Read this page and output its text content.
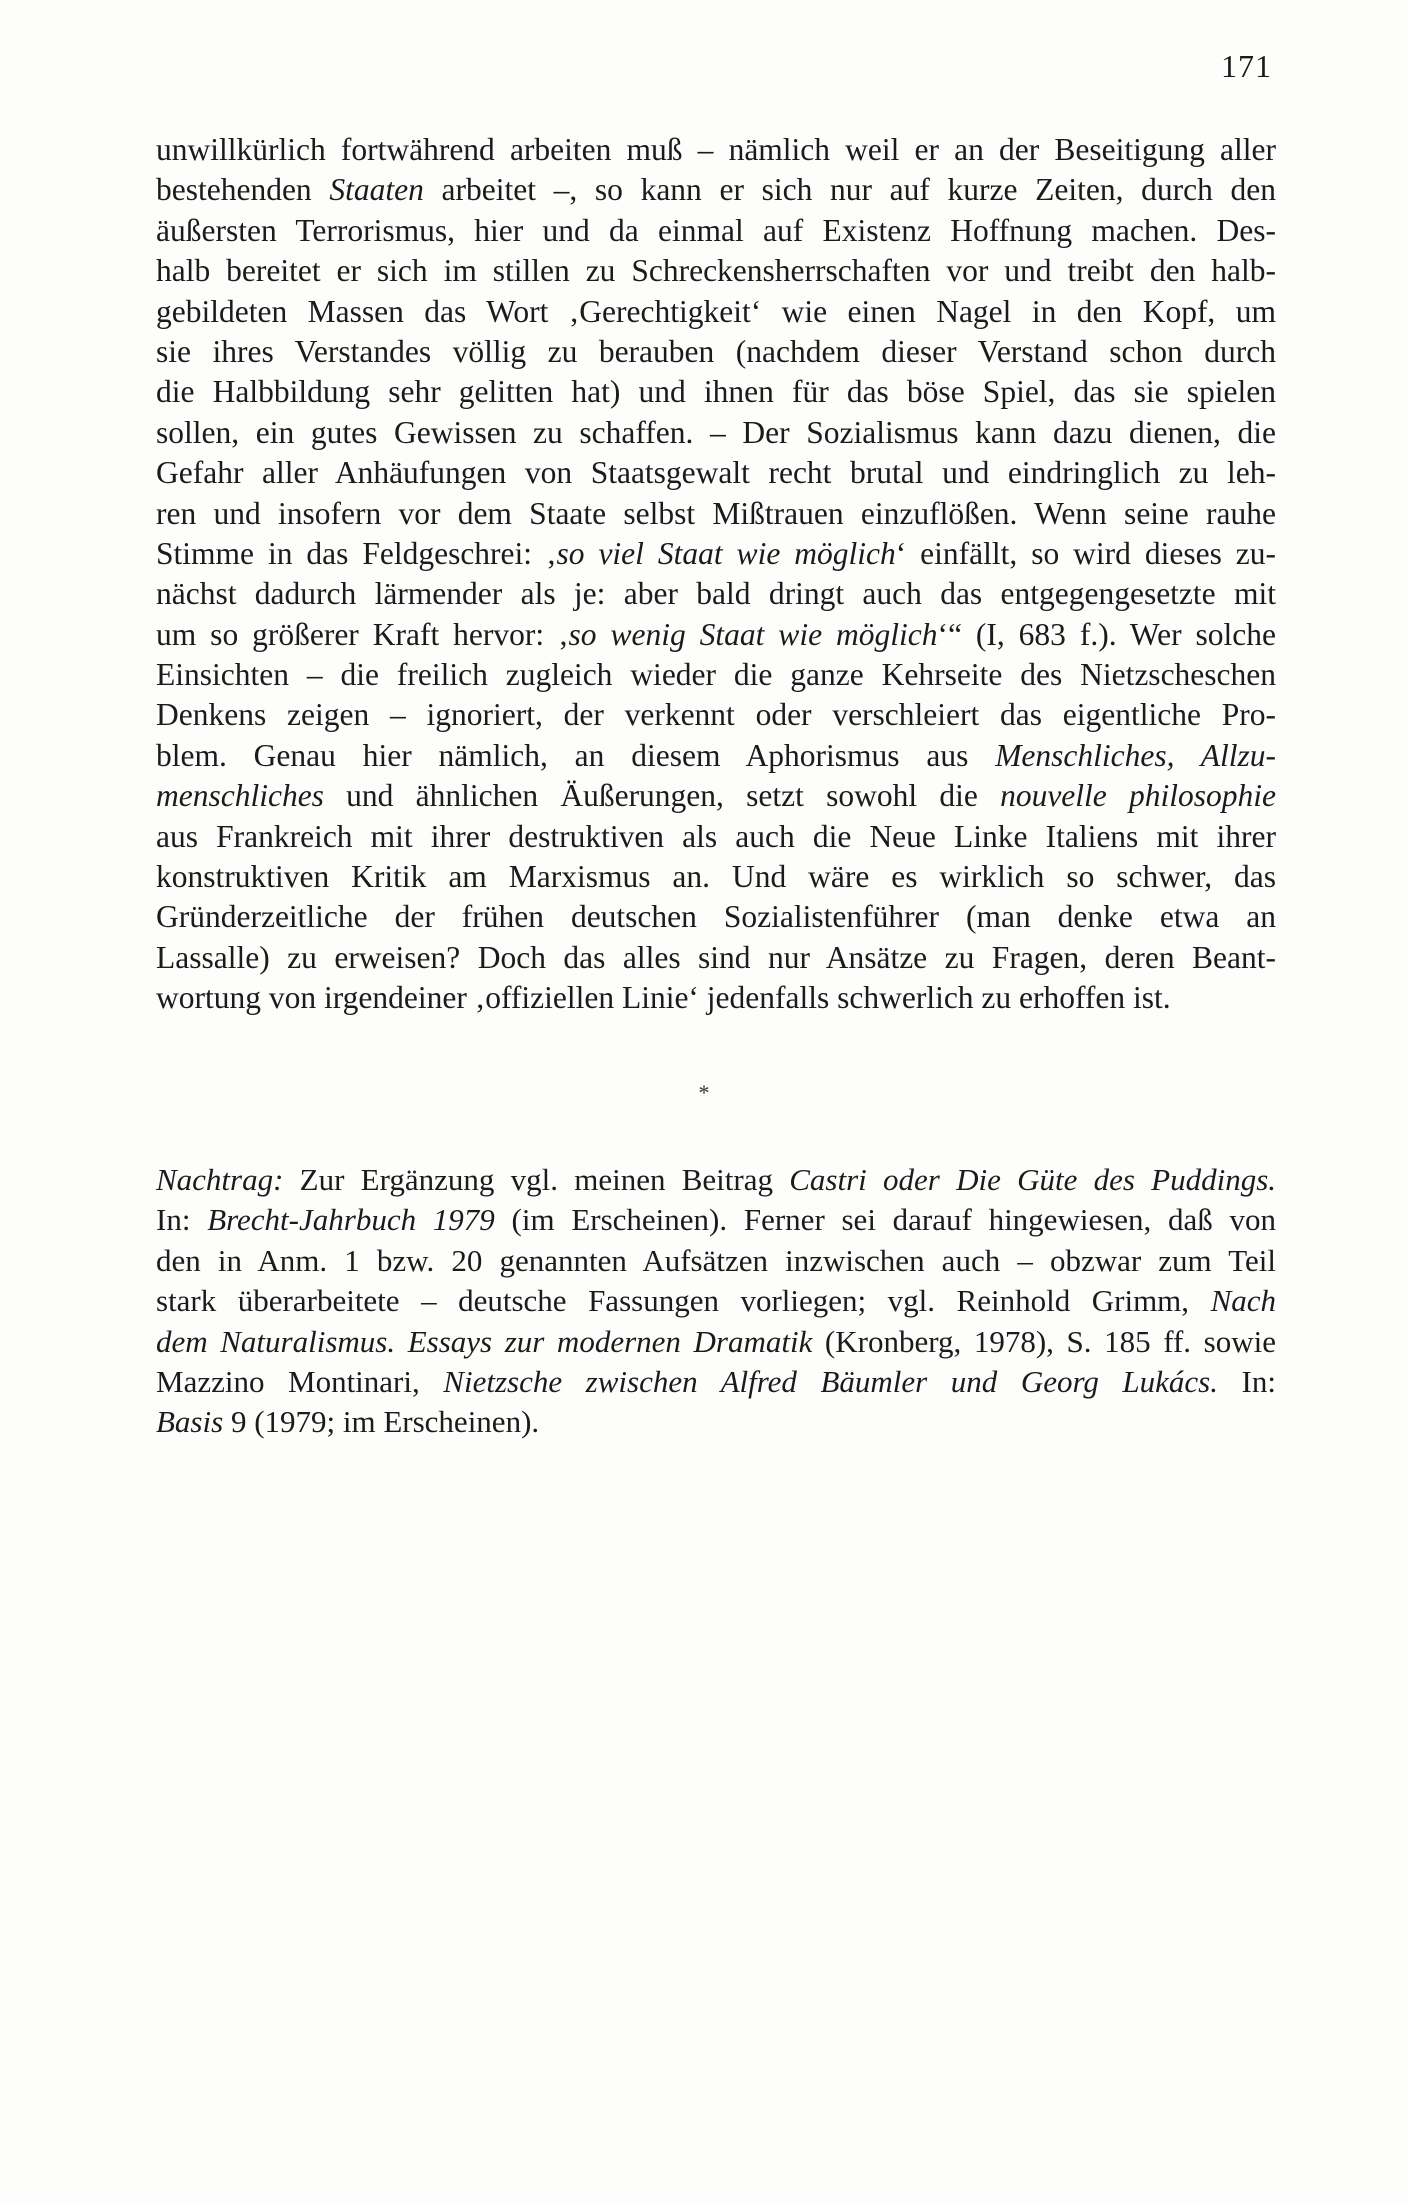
171
unwillkürlich fortwährend arbeiten muß – nämlich weil er an der Beseitigung aller
bestehenden Staaten arbeitet –, so kann er sich nur auf kurze Zeiten, durch den
äußersten Terrorismus, hier und da einmal auf Existenz Hoffnung machen. Des-
halb bereitet er sich im stillen zu Schreckensherrschaften vor und treibt den halb-
gebildeten Massen das Wort ‚Gerechtigkeit‘ wie einen Nagel in den Kopf, um
sie ihres Verstandes völlig zu berauben (nachdem dieser Verstand schon durch
die Halbbildung sehr gelitten hat) und ihnen für das böse Spiel, das sie spielen
sollen, ein gutes Gewissen zu schaffen. – Der Sozialismus kann dazu dienen, die
Gefahr aller Anhäufungen von Staatsgewalt recht brutal und eindringlich zu leh-
ren und insofern vor dem Staate selbst Mißtrauen einzuflößen. Wenn seine rauhe
Stimme in das Feldgeschrei: ‚so viel Staat wie möglich‘ einfällt, so wird dieses zu-
nächst dadurch lärmender als je: aber bald dringt auch das entgegengesetzte mit
um so größerer Kraft hervor: ‚so wenig Staat wie möglich‘“ (I, 683 f.). Wer solche
Einsichten – die freilich zugleich wieder die ganze Kehrseite des Nietzscheschen
Denkens zeigen – ignoriert, der verkennt oder verschleiert das eigentliche Pro-
blem. Genau hier nämlich, an diesem Aphorismus aus Menschliches, Allzu-
menschliches und ähnlichen Äußerungen, setzt sowohl die nouvelle philosophie
aus Frankreich mit ihrer destruktiven als auch die Neue Linke Italiens mit ihrer
konstruktiven Kritik am Marxismus an. Und wäre es wirklich so schwer, das
Gründerzeitliche der frühen deutschen Sozialistenführer (man denke etwa an
Lassalle) zu erweisen? Doch das alles sind nur Ansätze zu Fragen, deren Beant-
wortung von irgendeiner ‚offiziellen Linie‘ jedenfalls schwerlich zu erhoffen ist.
*
Nachtrag: Zur Ergänzung vgl. meinen Beitrag Castri oder Die Güte des Puddings.
In: Brecht-Jahrbuch 1979 (im Erscheinen). Ferner sei darauf hingewiesen, daß von
den in Anm. 1 bzw. 20 genannten Aufsätzen inzwischen auch – obzwar zum Teil
stark überarbeitete – deutsche Fassungen vorliegen; vgl. Reinhold Grimm, Nach
dem Naturalismus. Essays zur modernen Dramatik (Kronberg, 1978), S. 185 ff. sowie
Mazzino Montinari, Nietzsche zwischen Alfred Bäumler und Georg Lukács. In:
Basis 9 (1979; im Erscheinen).
